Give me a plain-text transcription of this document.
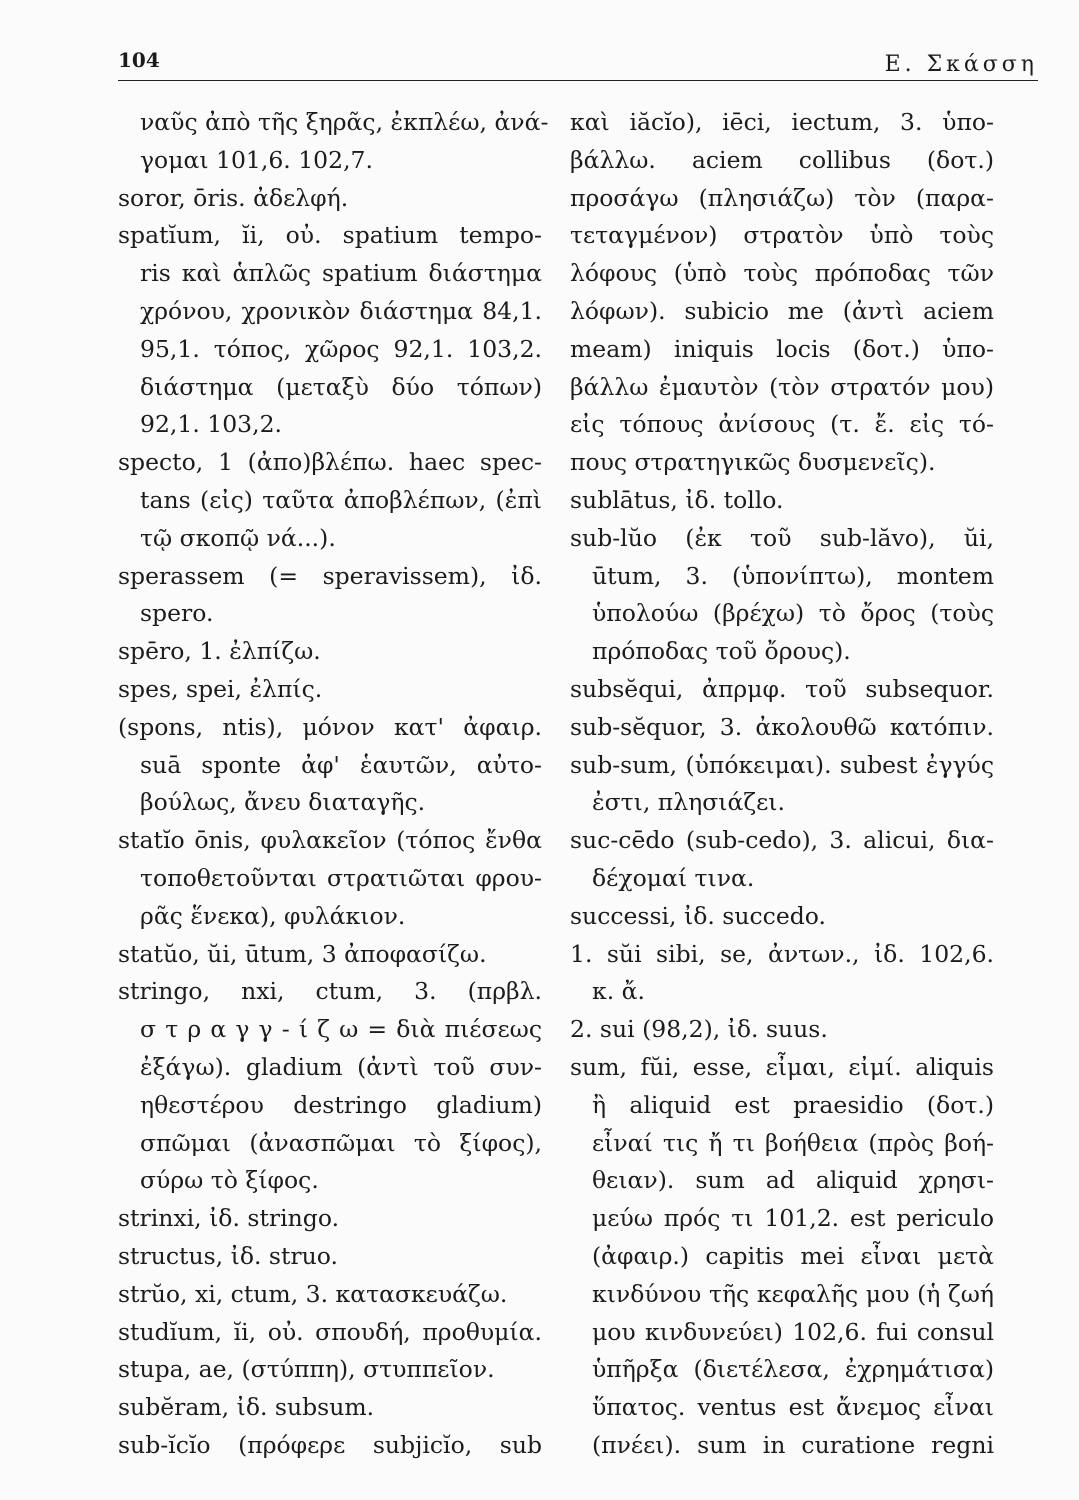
104	Ε. Σκάσση
ναῦς ἀπὸ τῆς ξηρᾶς, ἐκπλέω, ἀνά-
γομαι 101,6. 102,7.
soror, ōris. ἀδελφή.
spatĭum, ĭi, οὐ. spatium tempo-
ris καὶ ἁπλῶς spatium διάστημα
χρόνου, χρονικὸν διάστημα 84,1.
95,1. τόπος, χῶρος 92,1. 103,2.
διάστημα (μεταξὺ δύο τόπων)
92,1. 103,2.
specto, 1 (ἀπο)βλέπω. haec spec-
tans (εἰς) ταῦτα ἀποβλέπων, (ἐπὶ
τῷ σκοπῷ νά...).
sperassem (= speravissem), ἰδ.
spero.
spēro, 1. ἐλπίζω.
spes, spei, ἐλπίς.
(spons, ntis), μόνον κατ' ἀφαιρ.
suā sponte ἀφ' ἑαυτῶν, αὐτο-
βούλως, ἄνευ διαταγῆς.
statĭo ōnis, φυλακεῖον (τόπος ἔνθα
τοποθετοῦνται στρατιῶται φρου-
ρᾶς ἕνεκα), φυλάκιον.
statŭo, ŭi, ūtum, 3 ἀποφασίζω.
stringo, nxi, ctum, 3. (πρβλ.
σ τ ρ α γ γ - ί ζ ω = διὰ πιέσεως
ἐξάγω). gladium (ἀντὶ τοῦ συν-
ηθεστέρου destringo gladium)
σπῶμαι (ἀνασπῶμαι τὸ ξίφος),
σύρω τὸ ξίφος.
strinxi, ἰδ. stringo.
structus, ἰδ. struo.
strŭo, xi, ctum, 3. κατασκευάζω.
studĭum, ĭi, οὐ. σπουδή, προθυμία.
stupa, ae, (στύππη), στυππεῖον.
subĕram, ἰδ. subsum.
sub-ĭcĭo (πρόφερε subjicĭo, sub
καὶ iăcĭo), iēci, iectum, 3. ὑπο-
βάλλω. aciem collibus (δοτ.)
προσάγω (πλησιάζω) τὸν (παρα-
τεταγμένον) στρατὸν ὑπὸ τοὺς
λόφους (ὑπὸ τοὺς πρόποδας τῶν
λόφων). subicio me (ἀντὶ aciem
meam) iniquis locis (δοτ.) ὑπο-
βάλλω ἐμαυτὸν (τὸν στρατόν μου)
εἰς τόπους ἀνίσους (τ. ἔ. εἰς τό-
πους στρατηγικῶς δυσμενεῖς).
sublātus, ἰδ. tollo.
sub-lŭo (ἐκ τοῦ sub-lăvo), ŭi,
ūtum, 3. (ὑπονίπτω), montem
ὑπολούω (βρέχω) τὸ ὄρος (τοὺς
πρόποδας τοῦ ὄρους).
subsĕqui, ἀπρμφ. τοῦ subsequor.
sub-sĕquor, 3. ἀκολουθῶ κατόπιν.
sub-sum, (ὑπόκειμαι). subest ἐγγύς
ἐστι, πλησιάζει.
suc-cēdo (sub-cedo), 3. alicui, δια-
δέχομαί τινα.
successi, ἰδ. succedo.
1. sŭi sibi, se, ἀντων., ἰδ. 102,6.
κ. ἄ.
2. sui (98,2), ἰδ. suus.
sum, fŭi, esse, εἶμαι, εἰμί. aliquis
ἢ aliquid est praesidio (δοτ.)
εἶναί τις ἤ τι βοήθεια (πρὸς βοή-
θειαν). sum ad aliquid χρησι-
μεύω πρός τι 101,2. est periculo
(ἀφαιρ.) capitis mei εἶναι μετὰ
κινδύνου τῆς κεφαλῆς μου (ἡ ζωή
μου κινδυνεύει) 102,6. fui consul
ὑπῆρξα (διετέλεσα, ἐχρημάτισα)
ὕπατος. ventus est ἄνεμος εἶναι
(πνέει). sum in curatione regni
